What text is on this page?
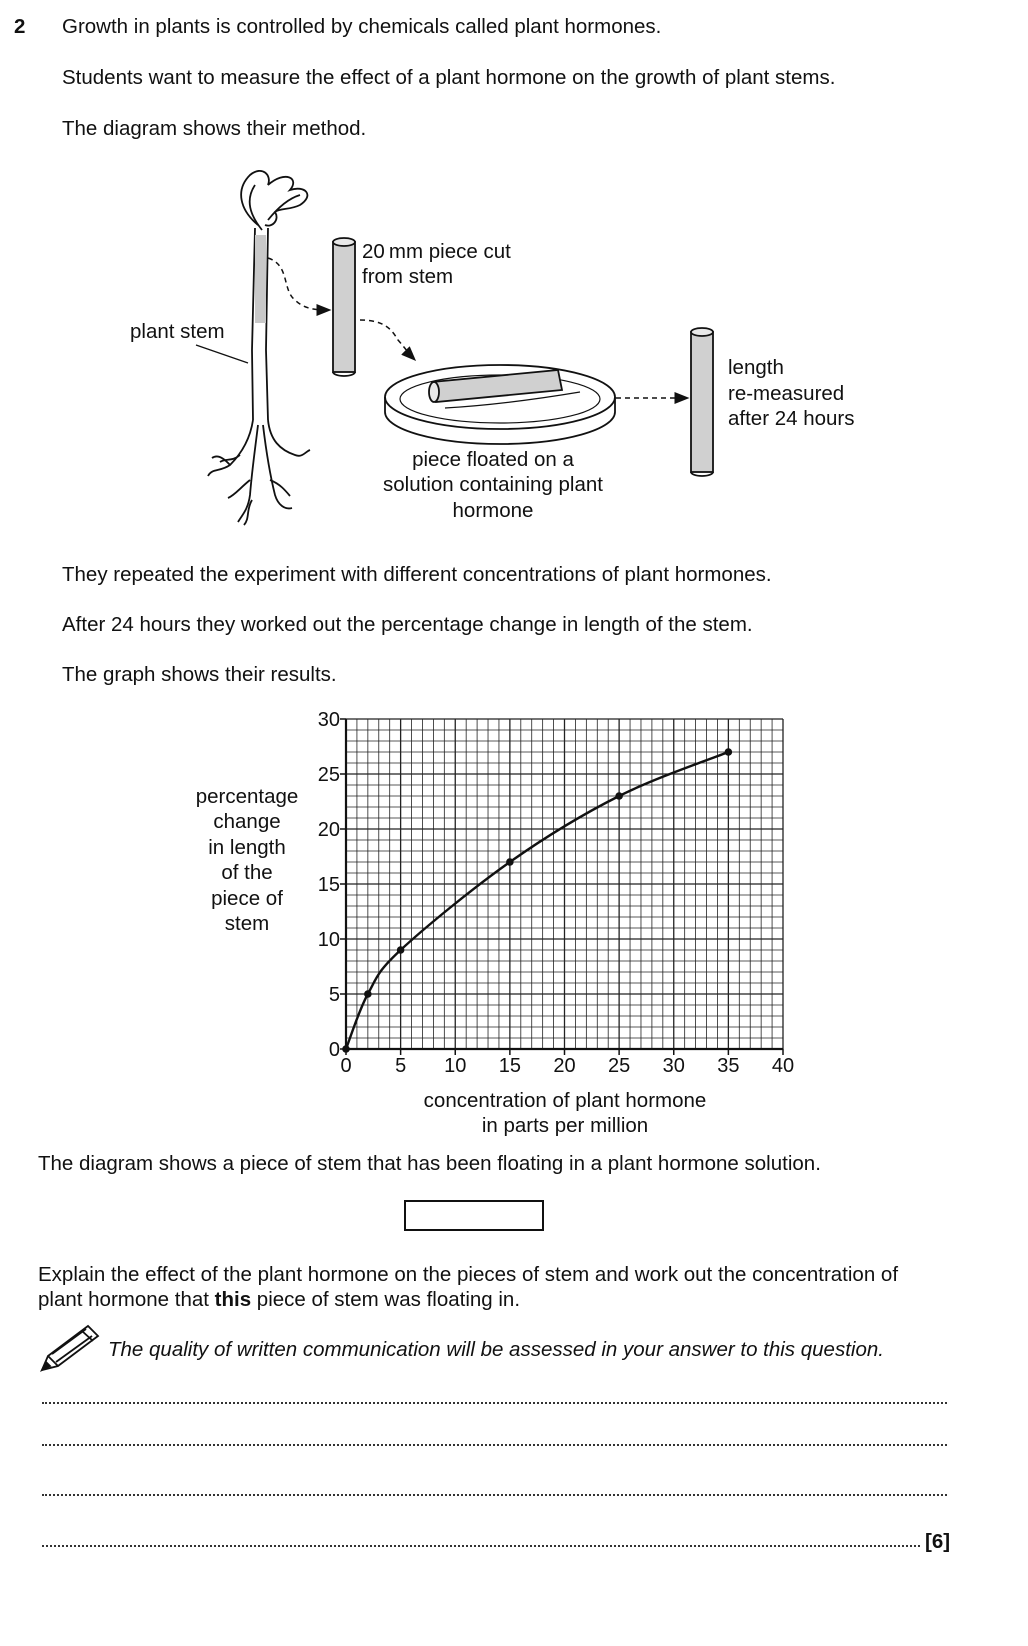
2 Growth in plants is controlled by chemicals called plant hormones.
Students want to measure the effect of a plant hormone on the growth of plant stems.
The diagram shows their method.
plant stem
20 mm piece cut
from stem
piece floated on a
solution containing plant
hormone
length
re-measured
after 24 hours
They repeated the experiment with different concentrations of plant hormones.
After 24 hours they worked out the percentage change in length of the stem.
The graph shows their results.
percentage
change
in length
of the
piece of
stem
0 5 10 15 20 25 30 35 40
0
5
10
15
20
25
30
concentration of plant hormone
in parts per million
The diagram shows a piece of stem that has been floating in a plant hormone solution.
Explain the effect of the plant hormone on the pieces of stem and work out the concentration of
plant hormone that this piece of stem was floating in.
The quality of written communication will be assessed in your answer to this question.
[6]
